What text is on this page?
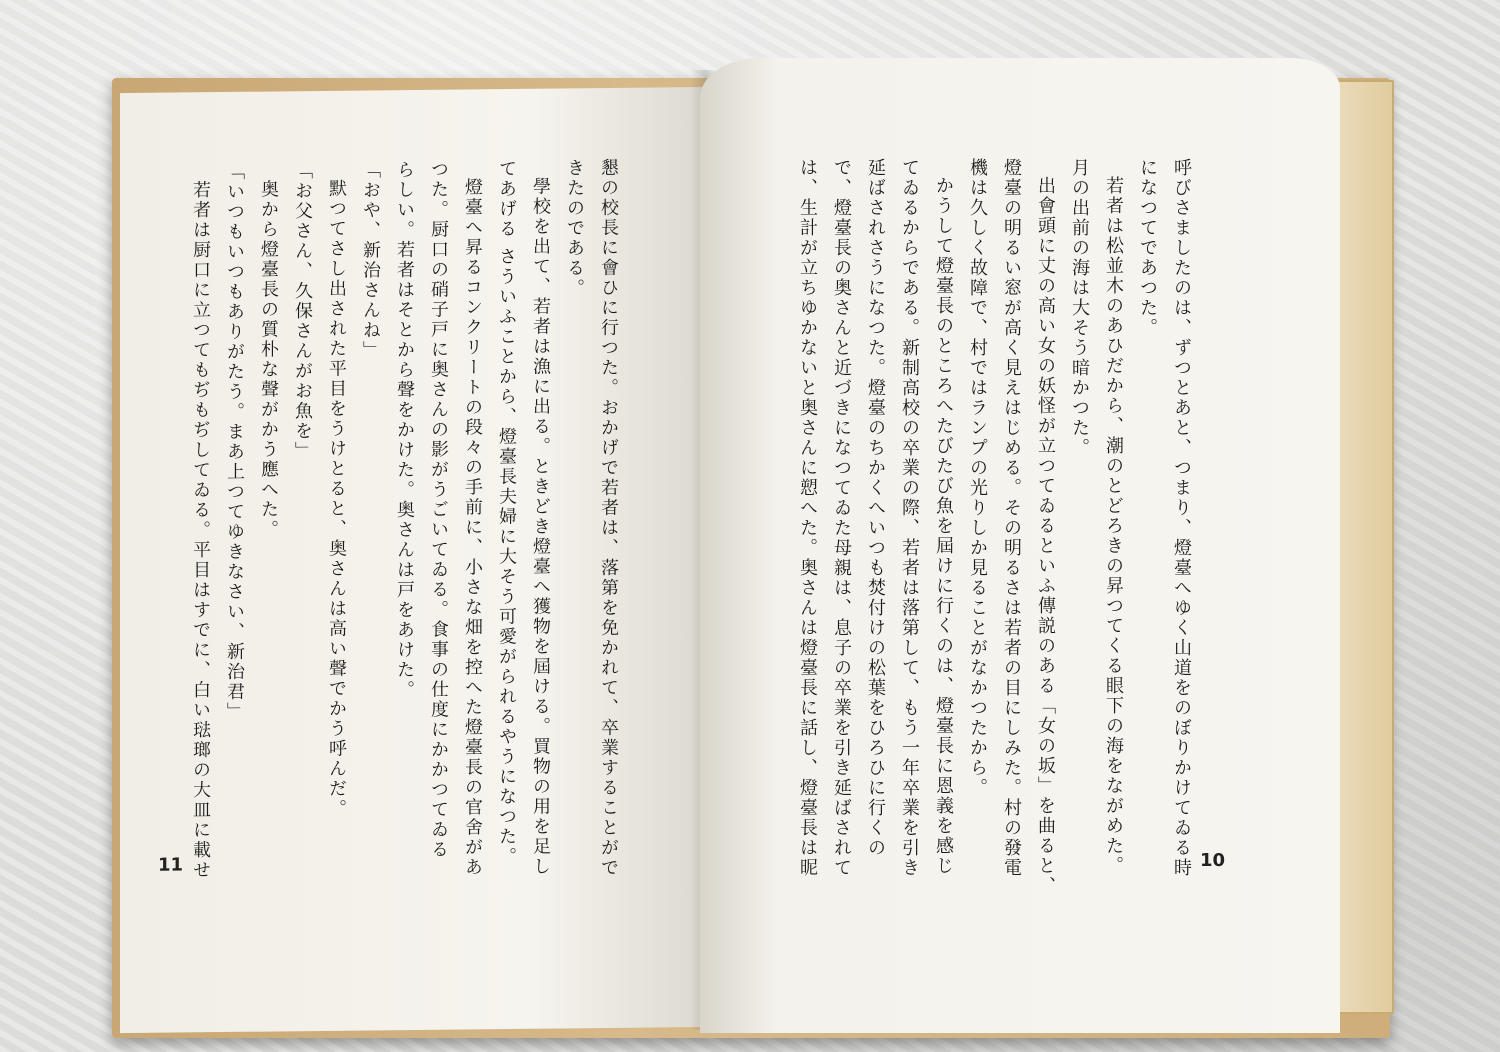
懇の校長に會ひに行つた。おかげで若者は、落第を免かれて、卒業することがで
きたのである。
學校を出て、若者は漁に出る。ときどき燈臺へ獲物を屆ける。買物の用を足し
てあげる さういふことから、燈臺長夫婦に大そう可愛がられるやうになつた。
燈臺へ昇るコンクリートの段々の手前に、小さな畑を控へた燈臺長の官舍があ
つた。厨口の硝子戸に奥さんの影がうごいてゐる。食事の仕度にかかつてゐる
らしい。若者はそとから聲をかけた。奥さんは戸をあけた。
「おや、新治さんね」
默つてさし出された平目をうけとると、奥さんは高い聲でかう呼んだ。
「お父さん、久保さんがお魚を」
奥から燈臺長の質朴な聲がかう應へた。
「いつもいつもありがたう。まあ上つてゆきなさい、新治君」
若者は厨口に立つてもぢもぢしてゐる。平目はすでに、白い琺瑯の大皿に載せ
11	呼びさましたのは、ずつとあと、つまり、燈臺へゆく山道をのぼりかけてゐる時
になつてであつた。
若者は松並木のあひだから、潮のとどろきの昇つてくる眼下の海をながめた。
月の出前の海は大そう暗かつた。
出會頭に丈の高い女の妖怪が立つてゐるといふ傳説のある「女の坂」を曲ると、
燈臺の明るい窓が高く見えはじめる。その明るさは若者の目にしみた。村の發電
機は久しく故障で、村ではランプの光りしか見ることがなかつたから。
かうして燈臺長のところへたびたび魚を屆けに行くのは、燈臺長に恩義を感じ
てゐるからである。新制高校の卒業の際、若者は落第して、もう一年卒業を引き
延ばされさうになつた。燈臺のちかくへいつも焚付けの松葉をひろひに行くの
で、燈臺長の奥さんと近づきになつてゐた母親は、息子の卒業を引き延ばされて
は、生計が立ちゆかないと奥さんに愬へた。奥さんは燈臺長に話し、燈臺長は昵	10
